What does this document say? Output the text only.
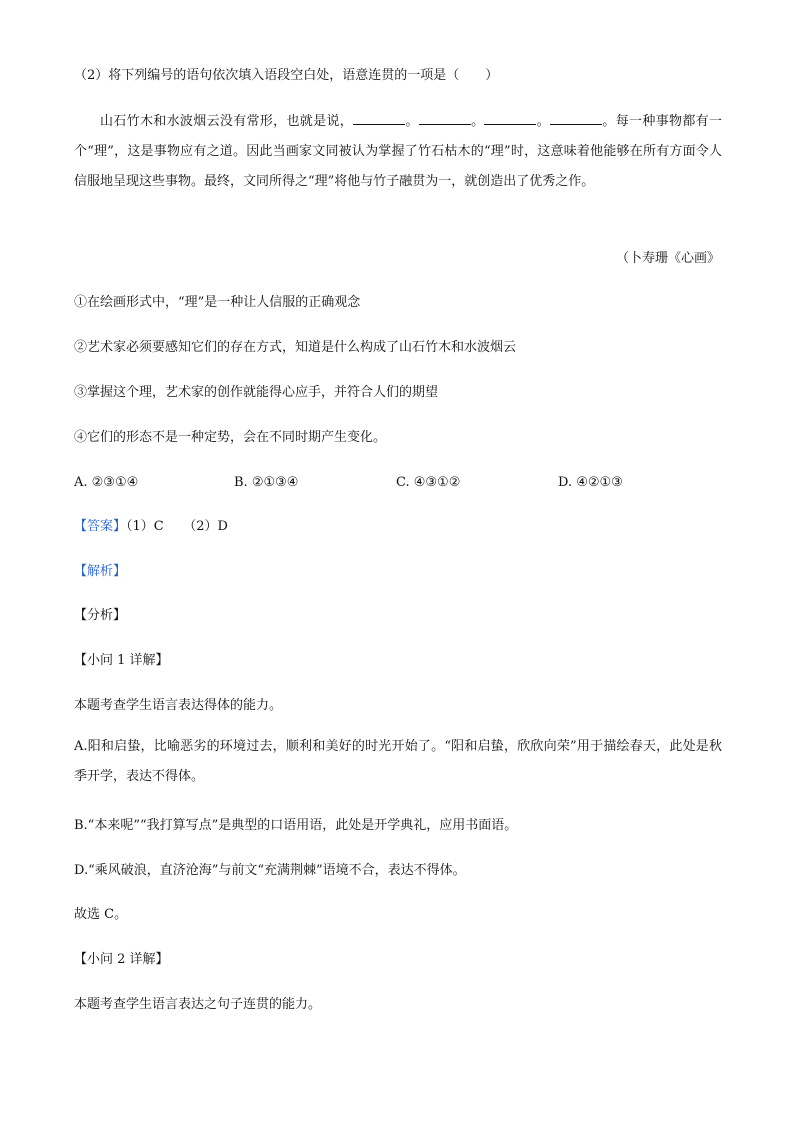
（2）将下列编号的语句依次填入语段空白处，语意连贯的一项是（　　）
山石竹木和水波烟云没有常形，也就是说，	。	。	。	。每一种事物都有一个“理”，这是事物应有之道。因此当画家文同被认为掌握了竹石枯木的“理”时，这意味着他能够在所有方面令人信服地呈现这些事物。最终，文同所得之“理”将他与竹子融贯为一，就创造出了优秀之作。
（卜寿珊《心画》
①在绘画形式中，“理”是一种让人信服的正确观念
②艺术家必须要感知它们的存在方式，知道是什么构成了山石竹木和水波烟云
③掌握这个理，艺术家的创作就能得心应手，并符合人们的期望
④它们的形态不是一种定势，会在不同时期产生变化。
A. ②③①④	B. ②①③④	C. ④③①②	D. ④②①③
【答案】（1）C　　（2）D
【解析】
【分析】
【小问 1 详解】
本题考查学生语言表达得体的能力。
A.阳和启蛰，比喻恶劣的环境过去，顺利和美好的时光开始了。“阳和启蛰，欣欣向荣”用于描绘春天，此处是秋季开学，表达不得体。
B.“本来呢”“我打算写点”是典型的口语用语，此处是开学典礼，应用书面语。
D.“乘风破浪，直济沧海”与前文“充满荆棘”语境不合，表达不得体。
故选 C。
【小问 2 详解】
本题考查学生语言表达之句子连贯的能力。
